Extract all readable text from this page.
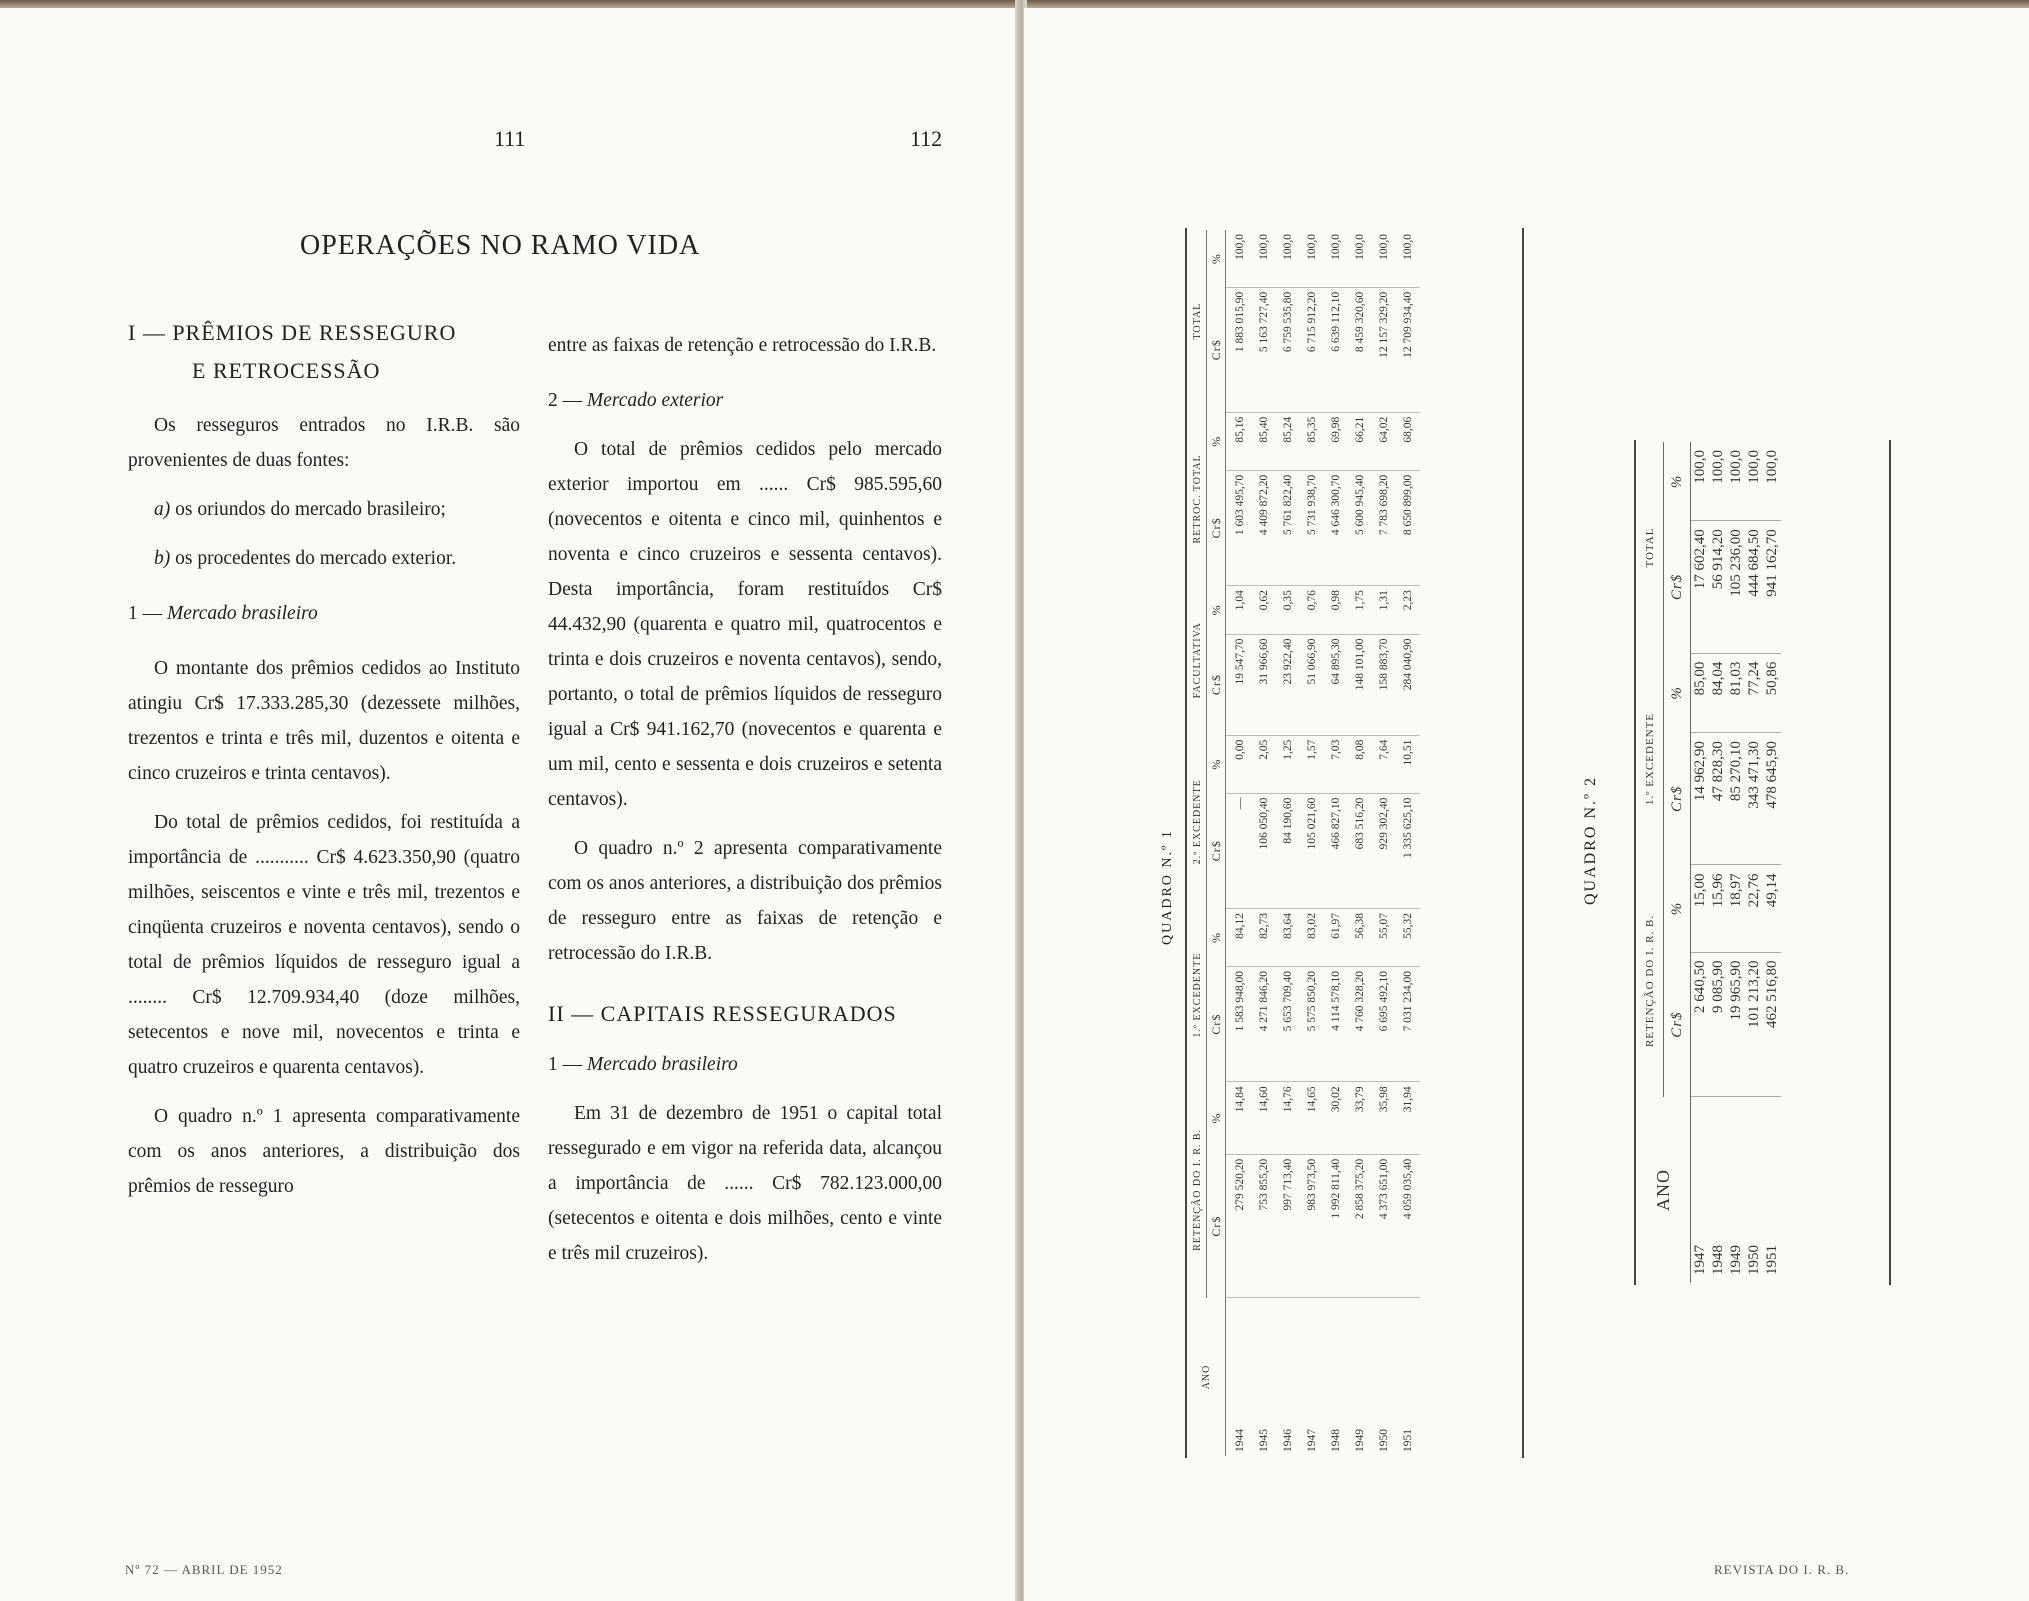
111
OPERAÇÕES NO RAMO VIDA
I — PRÊMIOS DE RESSEGURO
E RETROCESSÃO

Os resseguros entrados no I.R.B. são provenientes de duas fontes:

a) os oriundos do mercado brasileiro;

b) os procedentes do mercado exterior.

1 — Mercado brasileiro

O montante dos prêmios cedidos ao Instituto atingiu Cr$ 17.333.285,30 (dezessete milhões, trezentos e trinta e três mil, duzentos e oitenta e cinco cruzeiros e trinta centavos).

Do total de prêmios cedidos, foi restituída a importância de ........... Cr$ 4.623.350,90 (quatro milhões, seiscentos e vinte e três mil, trezentos e cinqüenta cruzeiros e noventa centavos), sendo o total de prêmios líquidos de resseguro igual a ........ Cr$ 12.709.934,40 (doze milhões, setecentos e nove mil, novecentos e trinta e quatro cruzeiros e quarenta centavos).

O quadro n.º 1 apresenta comparativamente com os anos anteriores, a distribuição dos prêmios de resseguro

entre as faixas de retenção e retrocessão do I.R.B.

2 — Mercado exterior

O total de prêmios cedidos pelo mercado exterior importou em ...... Cr$ 985.595,60 (novecentos e oitenta e cinco mil, quinhentos e noventa e cinco cruzeiros e sessenta centavos). Desta importância, foram restituídos Cr$ 44.432,90 (quarenta e quatro mil, quatrocentos e trinta e dois cruzeiros e noventa centavos), sendo, portanto, o total de prêmios líquidos de resseguro igual a Cr$ 941.162,70 (novecentos e quarenta e um mil, cento e sessenta e dois cruzeiros e setenta centavos).

O quadro n.º 2 apresenta comparativamente com os anos anteriores, a distribuição dos prêmios de resseguro entre as faixas de retenção e retrocessão do I.R.B.

II — CAPITAIS RESSEGURADOS

1 — Mercado brasileiro

Em 31 de dezembro de 1951 o capital total ressegurado e em vigor na referida data, alcançou a importância de ...... Cr$ 782.123.000,00 (setecentos e oitenta e dois milhões, cento e vinte e três mil cruzeiros).

Nº 72 — ABRIL DE 1952
112
REVISTA DO I. R. B.
QUADRO N.º 1
ANO	RETENÇÃO DO I. R. B.		1.º EXCEDENTE		2.º EXCEDENTE		FACULTATIVA		RETROC. TOTAL		TOTAL	
	Cr$	%	Cr$	%	Cr$	%	Cr$	%	Cr$	%	Cr$	%
1944	279 520,20	14,84	1 583 948,00	84,12	—	0,00	19 547,70	1,04	1 603 495,70	85,16	1 883 015,90	100,0
1945	753 855,20	14,60	4 271 846,20	82,73	106 050,40	2,05	31 966,60	0,62	4 409 872,20	85,40	5 163 727,40	100,0
1946	997 713,40	14,76	5 653 709,40	83,64	84 190,60	1,25	23 922,40	0,35	5 761 822,40	85,24	6 759 535,80	100,0
1947	983 973,50	14,65	5 575 850,20	83,02	105 021,60	1,57	51 066,90	0,76	5 731 938,70	85,35	6 715 912,20	100,0
1948	1 992 811,40	30,02	4 114 578,10	61,97	466 827,10	7,03	64 895,30	0,98	4 646 300,70	69,98	6 639 112,10	100,0
1949	2 858 375,20	33,79	4 760 328,20	56,38	683 516,20	8,08	148 101,00	1,75	5 600 945,40	66,21	8 459 320,60	100,0
1950	4 373 651,00	35,98	6 695 492,10	55,07	929 302,40	7,64	158 883,70	1,31	7 783 698,20	64,02	12 157 329,20	100,0
1951	4 059 035,40	31,94	7 031 234,00	55,32	1 335 625,10	10,51	284 040,90	2,23	8 650 899,00	68,06	12 709 934,40	100,0
QUADRO N.º 2
ANO	RETENÇÃO DO I. R. B.		1.º EXCEDENTE		TOTAL	
	Cr$	%	Cr$	%	Cr$	%
1947	2 640,50	15,00	14 962,90	85,00	17 602,40	100,0
1948	9 085,90	15,96	47 828,30	84,04	56 914,20	100,0
1949	19 965,90	18,97	85 270,10	81,03	105 236,00	100,0
1950	101 213,20	22,76	343 471,30	77,24	444 684,50	100,0
1951	462 516,80	49,14	478 645,90	50,86	941 162,70	100,0
